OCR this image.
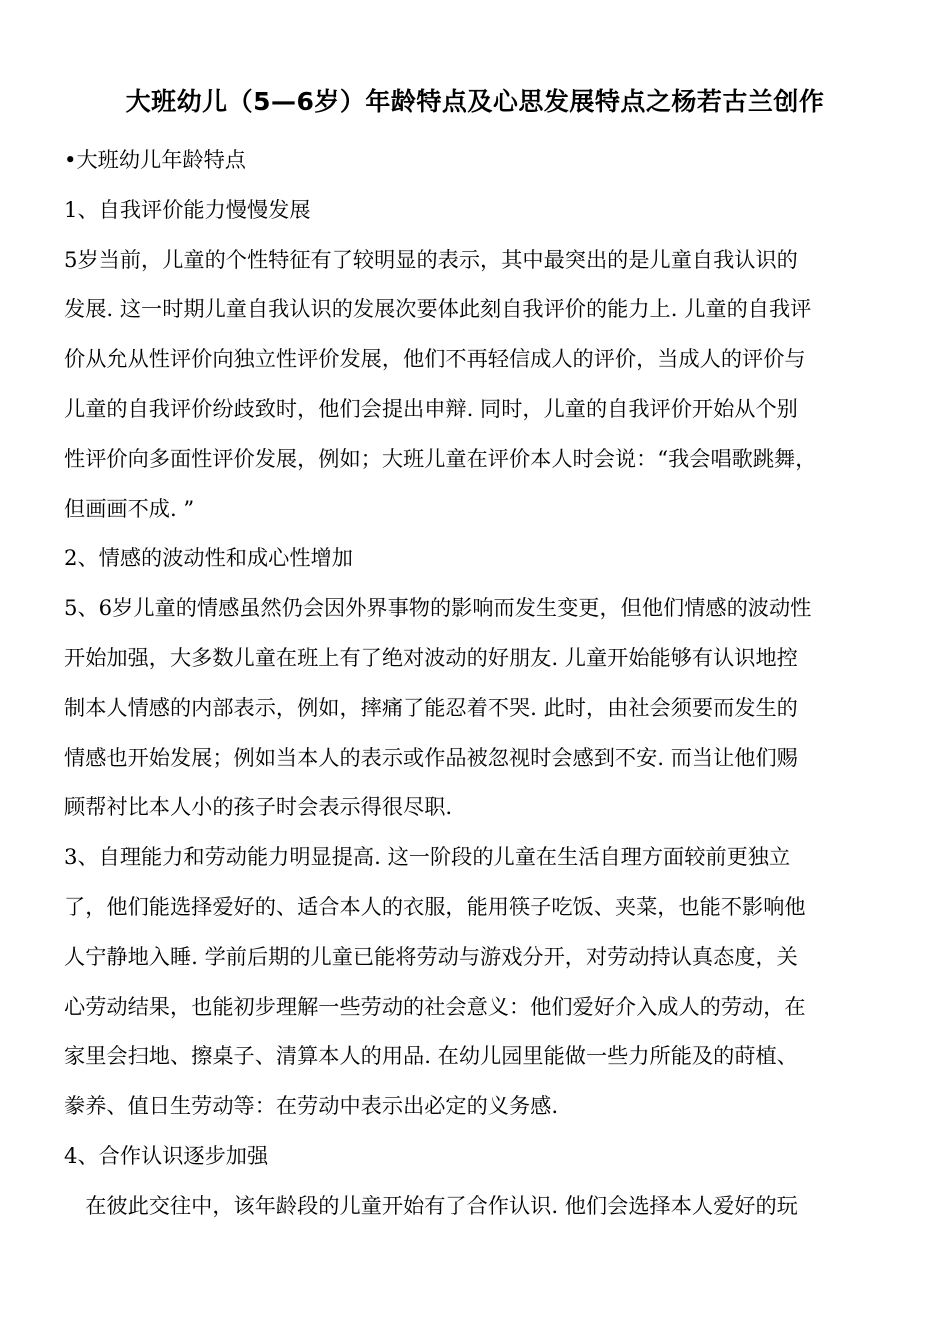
大班幼儿（5—6岁）年龄特点及心思发展特点之杨若古兰创作
•大班幼儿年龄特点
1、自我评价能力慢慢发展
5岁当前，儿童的个性特征有了较明显的表示，其中最突出的是儿童自我认识的
发展. 这一时期儿童自我认识的发展次要体此刻自我评价的能力上. 儿童的自我评
价从允从性评价向独立性评价发展，他们不再轻信成人的评价，当成人的评价与
儿童的自我评价纷歧致时，他们会提出申辩. 同时，儿童的自我评价开始从个别
性评价向多面性评价发展，例如；大班儿童在评价本人时会说：“我会唱歌跳舞，
但画画不成. ”
2、情感的波动性和成心性增加
5、6岁儿童的情感虽然仍会因外界事物的影响而发生变更，但他们情感的波动性
开始加强，大多数儿童在班上有了绝对波动的好朋友. 儿童开始能够有认识地控
制本人情感的内部表示，例如，摔痛了能忍着不哭. 此时，由社会须要而发生的
情感也开始发展；例如当本人的表示或作品被忽视时会感到不安. 而当让他们赐
顾帮衬比本人小的孩子时会表示得很尽职.
3、自理能力和劳动能力明显提高. 这一阶段的儿童在生活自理方面较前更独立
了，他们能选择爱好的、适合本人的衣服，能用筷子吃饭、夹菜，也能不影响他
人宁静地入睡. 学前后期的儿童已能将劳动与游戏分开，对劳动持认真态度，关
心劳动结果，也能初步理解一些劳动的社会意义：他们爱好介入成人的劳动，在
家里会扫地、擦桌子、清算本人的用品. 在幼儿园里能做一些力所能及的莳植、
豢养、值日生劳动等：在劳动中表示出必定的义务感.
4、合作认识逐步加强
　在彼此交往中，该年龄段的儿童开始有了合作认识. 他们会选择本人爱好的玩
